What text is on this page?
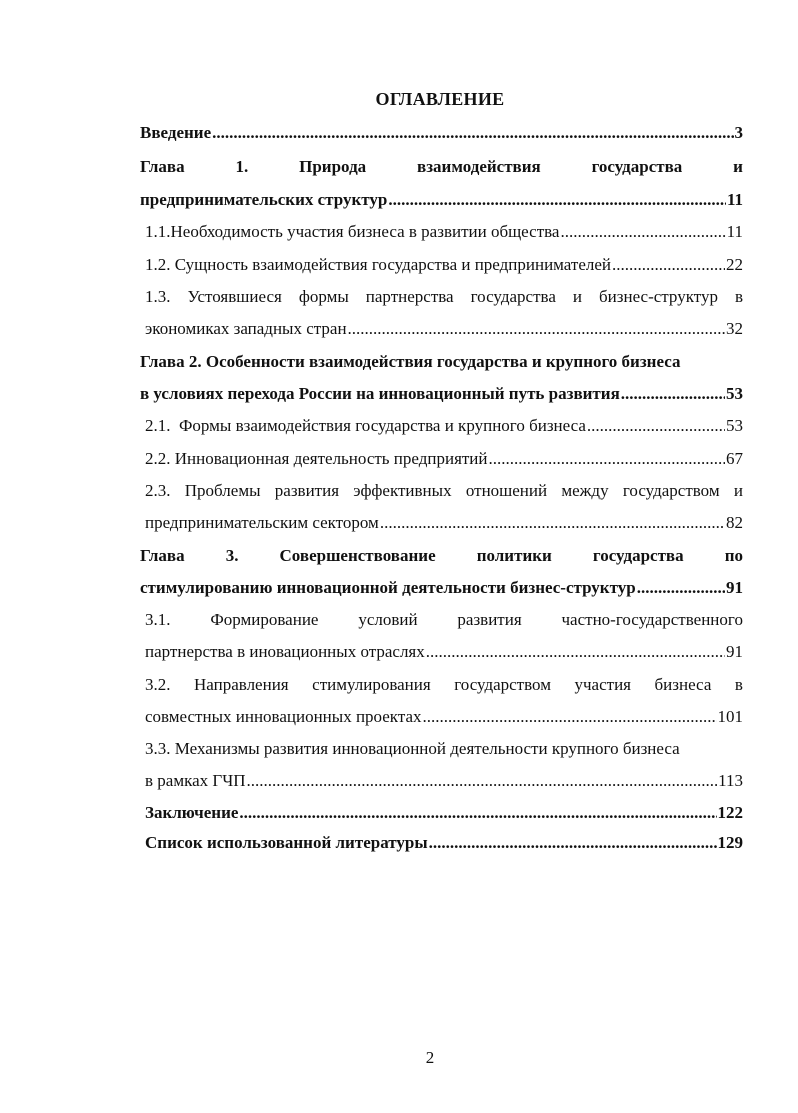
ОГЛАВЛЕНИЕ
Введение .....	3
Глава	1.	Природа	взаимодействия	государства	и
предпринимательских структур .....	11
1.1.Необходимость участия бизнеса в развитии общества .....	11
1.2. Сущность взаимодействия государства и предпринимателей .....	22
1.3. Устоявшиеся формы партнерства государства и бизнес-структур в
экономиках западных стран .....	32
Глава 2. Особенности взаимодействия государства и крупного бизнеса
в условиях перехода России на инновационный путь развития .....	53
2.1.  Формы взаимодействия государства и крупного бизнеса .....	53
2.2. Инновационная деятельность предприятий .....	67
2.3. Проблемы развития эффективных отношений между государством и
предпринимательским сектором .....	82
Глава 3. Совершенствование политики государства по
стимулированию инновационной деятельности бизнес-структур .....	91
3.1. Формирование условий развития частно-государственного
партнерства в иновационных отраслях .....	91
3.2. Направления стимулирования государством участия бизнеса в
совместных инновационных проектах .....	101
3.3. Механизмы развития инновационной деятельности крупного бизнеса
в рамках ГЧП .....	113
Заключение .....	122
Список использованной литературы .....	129
2
